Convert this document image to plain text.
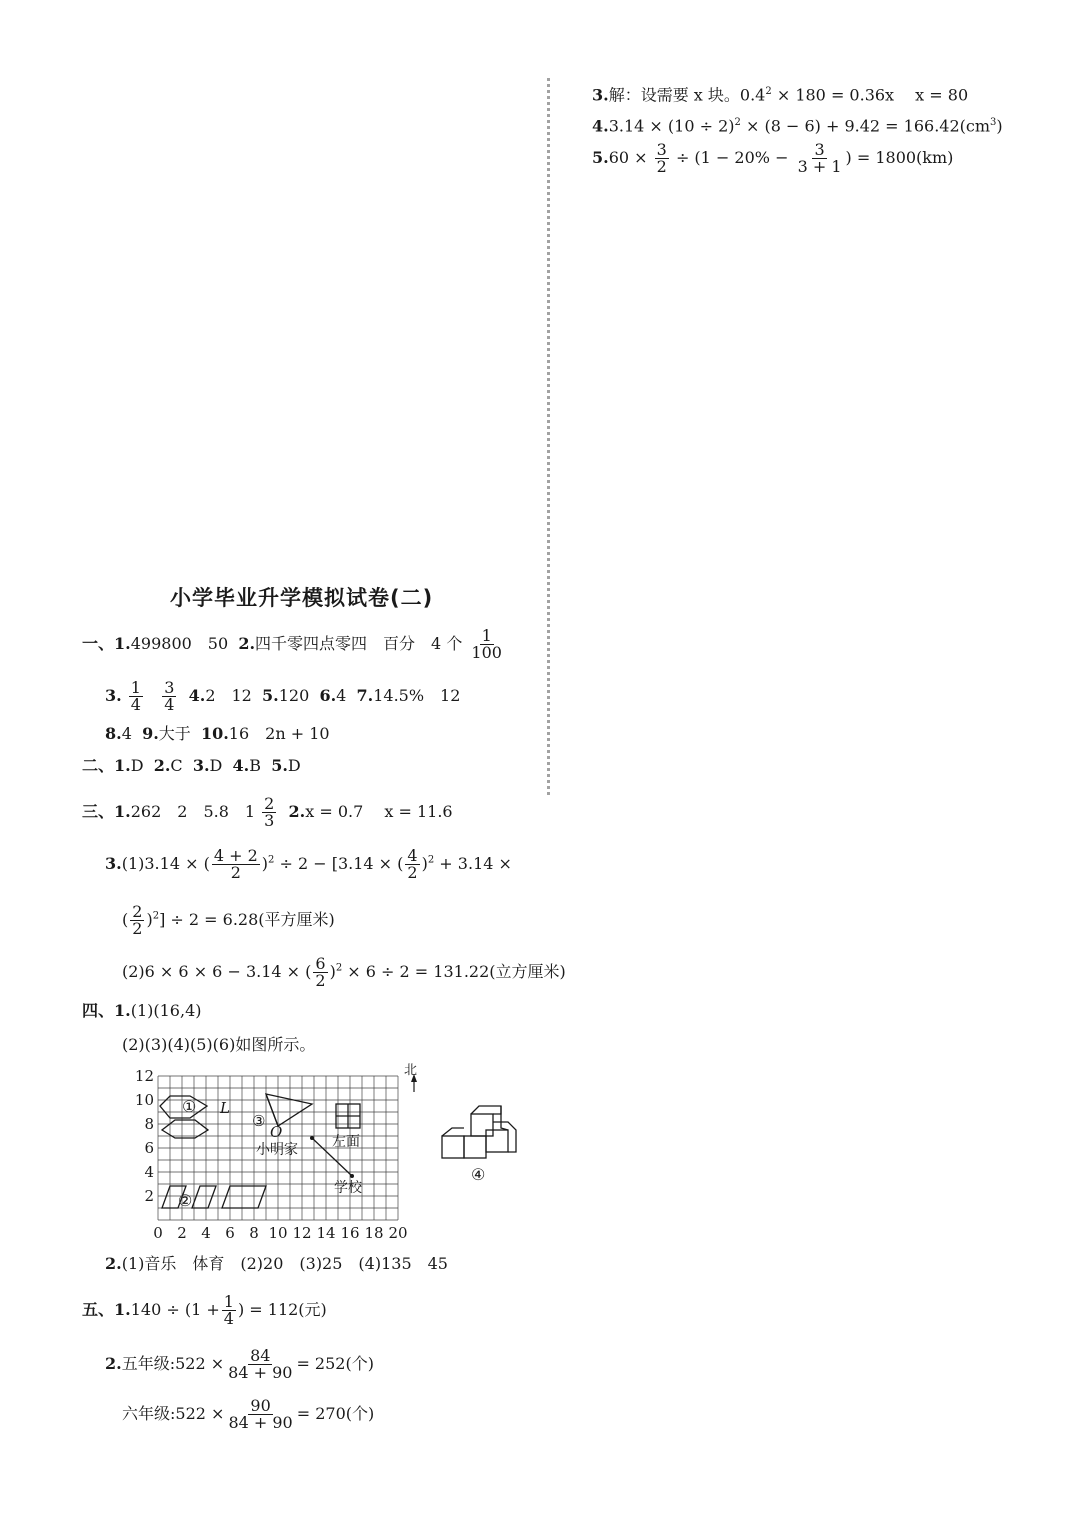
3.解：设需要 x 块。$0.4^2 \times 180 = 0.36x$　 x = 80
$4.3.14 \times (10 \div 2)^2 \times (8 - 6) + 9.42 = 166.42(cm^3)$
$5.60 \times \frac{3}{2} \div (1 - 20\% - \frac{3}{3 + 1}$ ) = 1800(km)
小学毕业升学模拟试卷(二)
一、1.499800　50 2.四千零四点零四　百分　4 个 $\frac{1}{100}$
3. $\frac{1}{4}$
$\frac{3}{4} 4.2$　12 5.120 6.4 7.14.5%　12
8.4 9.大于 10.16　2n + 10
二、1.D 2.C 3.D 4.B 5.D
三、1.262　2　5.8　$1 \frac{2}{3} 2.x = 0.7$　 x = 11.6
3.(1)3.14 × ( $\frac{4 + 2}{2} )^2 \div 2 - [3.14$ × ( $\frac{4}{2} )^2 + 3.14$ ×
( $\frac{2}{2} )^2] \div 2 = 6.28$(平方厘米)
(2)6 × 6 × 6 − 3.14 × ( $\frac{6}{2} )^2 \times 6 \div 2 = 131.22$(立方厘米)
四、1.(1)(16,4)
(2)(3)(4)(5)(6)如图所示。
0 2 4 6 8 10 12 14 16 18 20
2
4
6
8
10
12	北
① L
③
O
左面
小明家
学校
②
④
2.(1)音乐　体育　(2)20　(3)25　(4)135　45
五、$1.140 \div (1 + \frac{1}{4}$ ) = 112(元)
2.五年级:522 × $\frac{84}{84 + 90} = 252$(个)
六年级:522 × $\frac{90}{84 + 90} = 270$(个)
